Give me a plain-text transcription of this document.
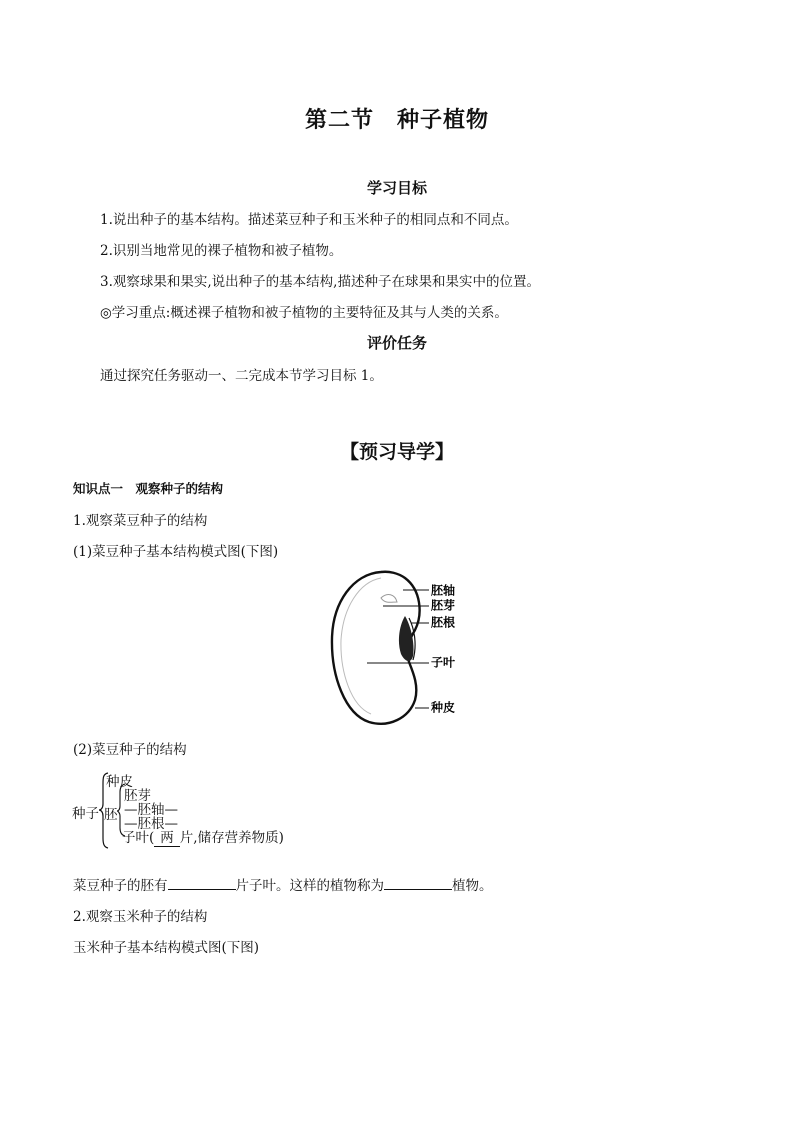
第二节　种子植物
学习目标
1.说出种子的基本结构。描述菜豆种子和玉米种子的相同点和不同点。
2.识别当地常见的裸子植物和被子植物。
3.观察球果和果实,说出种子的基本结构,描述种子在球果和果实中的位置。
◎学习重点:概述裸子植物和被子植物的主要特征及其与人类的关系。
评价任务
通过探究任务驱动一、二完成本节学习目标 1。
【预习导学】
知识点一　观察种子的结构
1.观察菜豆种子的结构
(1)菜豆种子基本结构模式图(下图)
胚轴
胚芽
胚根
子叶
种皮
(2)菜豆种子的结构
种子
种皮
胚
胚芽
—胚轴—
—胚根—
子叶( 两 片,储存营养物质)
菜豆种子的胚有	片子叶。这样的植物称为	植物。
2.观察玉米种子的结构
玉米种子基本结构模式图(下图)
